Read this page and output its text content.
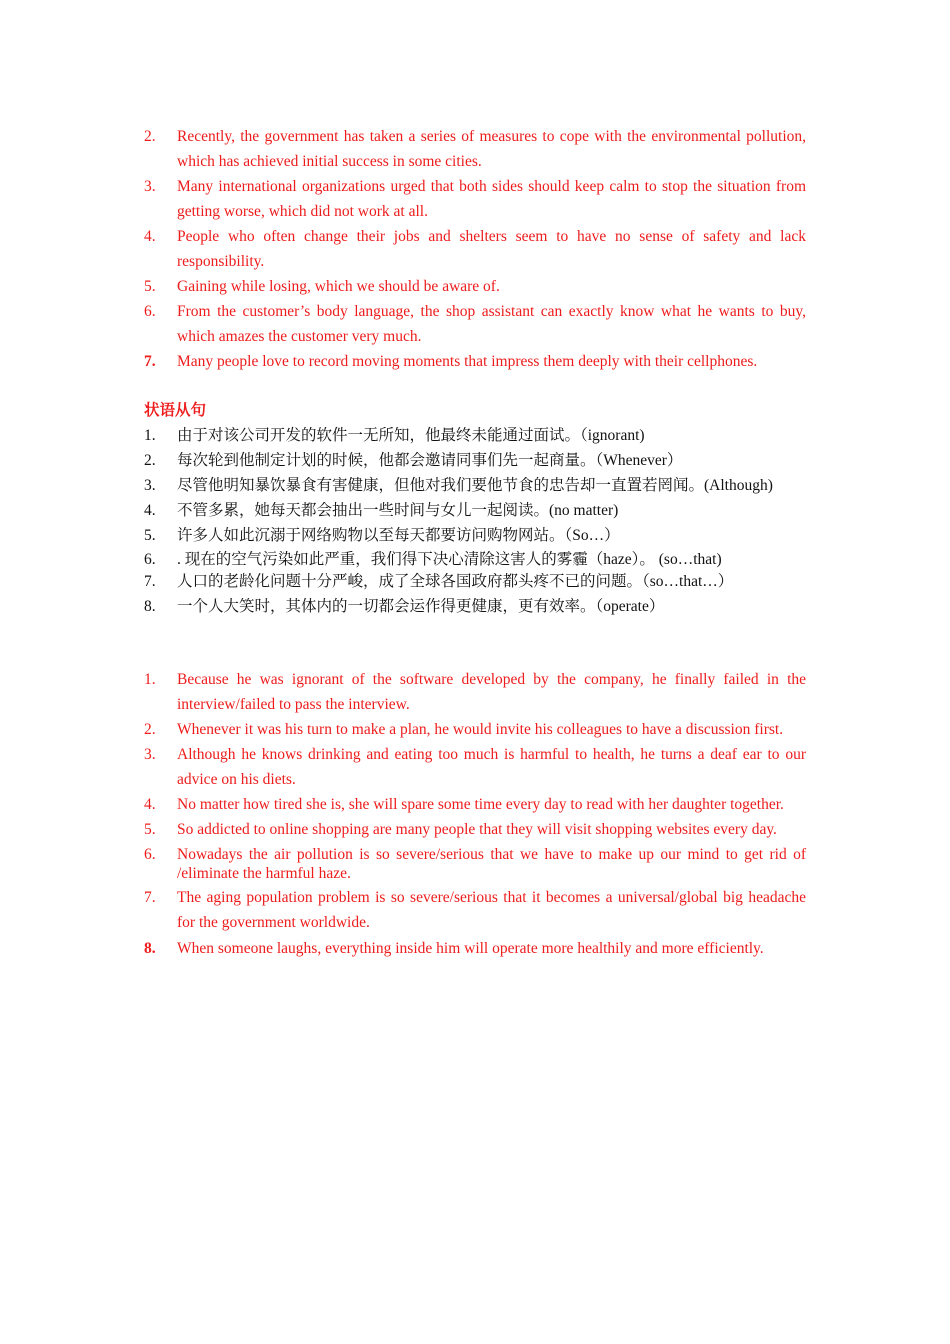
2. Recently, the government has taken a series of measures to cope with the environmental pollution, which has achieved initial success in some cities.
3. Many international organizations urged that both sides should keep calm to stop the situation from getting worse, which did not work at all.
4. People who often change their jobs and shelters seem to have no sense of safety and lack responsibility.
5. Gaining while losing, which we should be aware of.
6. From the customer’s body language, the shop assistant can exactly know what he wants to buy, which amazes the customer very much.
7. Many people love to record moving moments that impress them deeply with their cellphones.
状语从句
1. 由于对该公司开发的软件一无所知，他最终未能通过面试。（ignorant)
2. 每次轮到他制定计划的时候，他都会邀请同事们先一起商量。（Whenever）
3. 尽管他明知暴饮暴食有害健康，但他对我们要他节食的忠告却一直置若罔闻。(Although)
4. 不管多累，她每天都会抽出一些时间与女儿一起阅读。(no matter)
5. 许多人如此沉溺于网络购物以至每天都要访问购物网站。（So…）
6. . 现在的空气污染如此严重，我们得下决心清除这害人的雾霾（haze）。 (so…that)
7. 人口的老龄化问题十分严峻，成了全球各国政府都头疼不已的问题。（so…that…）
8. 一个人大笑时，其体内的一切都会运作得更健康，更有效率。（operate）
1. Because he was ignorant of the software developed by the company, he finally failed in the interview/failed to pass the interview.
2. Whenever it was his turn to make a plan, he would invite his colleagues to have a discussion first.
3. Although he knows drinking and eating too much is harmful to health, he turns a deaf ear to our advice on his diets.
4. No matter how tired she is, she will spare some time every day to read with her daughter together.
5. So addicted to online shopping are many people that they will visit shopping websites every day.
6. Nowadays the air pollution is so severe/serious that we have to make up our mind to get rid of /eliminate the harmful haze.
7. The aging population problem is so severe/serious that it becomes a universal/global big headache for the government worldwide.
8. When someone laughs, everything inside him will operate more healthily and more efficiently.
